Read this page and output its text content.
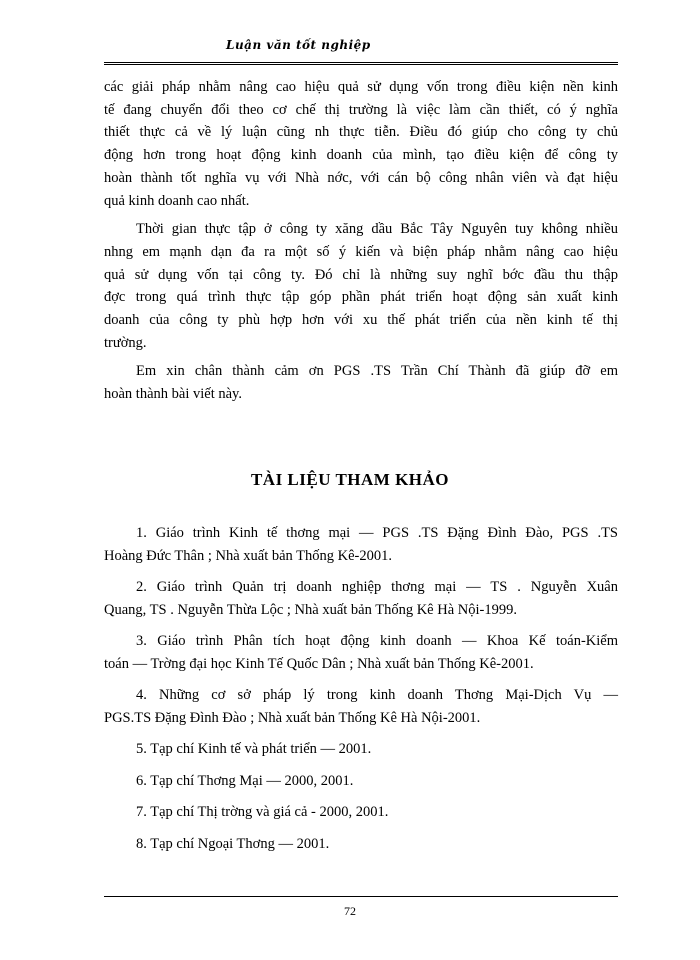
Luận văn tốt nghiệp

các giải pháp nhằm nâng cao hiệu quả sử dụng vốn trong điều kiện nền kinh
tế đang chuyển đổi theo cơ chế thị trường là việc làm cần thiết, có ý nghĩa
thiết thực cả về lý luận cũng nh thực tiễn. Điều đó giúp cho công ty chủ
động hơn trong hoạt động kinh doanh của mình, tạo điều kiện để công ty
hoàn thành tốt nghĩa vụ với Nhà nớc, với cán bộ công nhân viên và đạt hiệu
quả kinh doanh cao nhất.

Thời gian thực tập ở công ty xăng dầu Bắc Tây Nguyên tuy không nhiều
nhng em mạnh dạn đa ra một số ý kiến và biện pháp nhằm nâng cao hiệu
quả sử dụng vốn tại công ty. Đó chỉ là những suy nghĩ bớc đầu thu thập
đợc trong quá trình thực tập góp phần phát triển hoạt động sản xuất kinh
doanh của công ty phù hợp hơn với xu thế phát triển của nền kinh tế thị
trường.

Em xin chân thành cảm ơn PGS .TS Trần Chí Thành đã giúp đỡ em
hoàn thành bài viết này.

TÀI LIỆU THAM KHẢO
1. Giáo trình Kinh tế thơng mại — PGS .TS Đặng Đình Đào, PGS .TS
Hoàng Đức Thân ; Nhà xuất bản Thống Kê-2001.
2. Giáo trình Quản trị doanh nghiệp thơng mại — TS . Nguyễn Xuân
Quang, TS . Nguyễn Thừa Lộc ; Nhà xuất bản Thống Kê Hà Nội-1999.
3. Giáo trình Phân tích hoạt động kinh doanh — Khoa Kế toán-Kiểm
toán — Trờng đại học Kinh Tế Quốc Dân ; Nhà xuất bản Thống Kê-2001.
4. Những cơ sở pháp lý trong kinh doanh Thơng Mại-Dịch Vụ —
PGS.TS Đặng Đình Đào ; Nhà xuất bản Thống Kê Hà Nội-2001.
5. Tạp chí Kinh tế và phát triển — 2001.
6. Tạp chí Thơng Mại — 2000, 2001.
7. Tạp chí Thị trờng và giá cả - 2000, 2001.
8. Tạp chí Ngoại Thơng — 2001.
72
